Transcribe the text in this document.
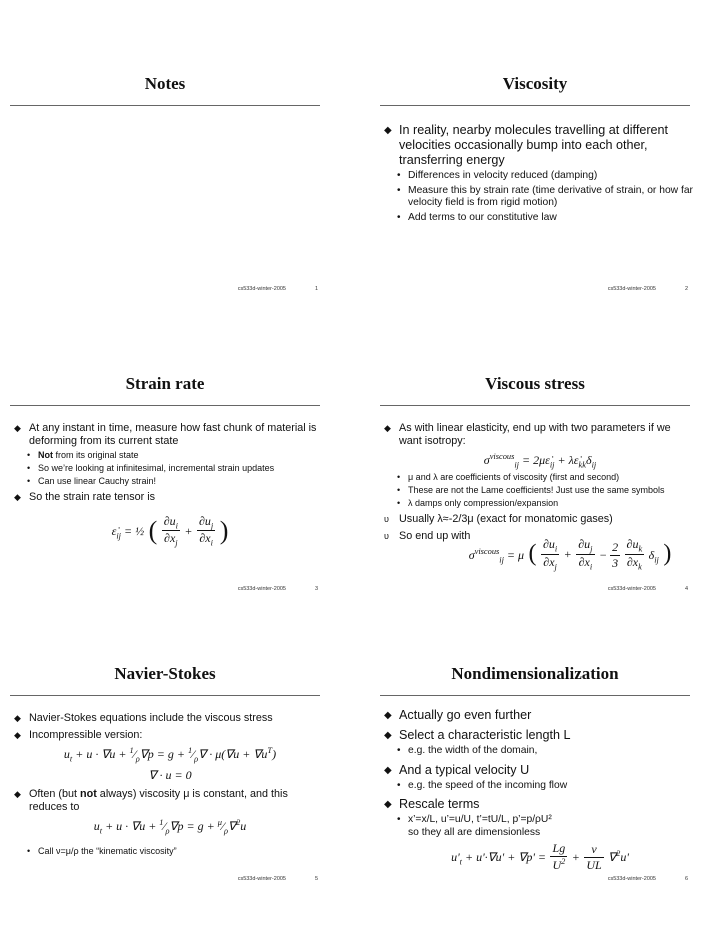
Notes
cs533d-winter-2005	1
Viscosity
◆ In reality, nearby molecules travelling at different velocities occasionally bump into each other, transferring energy
• Differences in velocity reduced (damping)
• Measure this by strain rate (time derivative of strain, or how far velocity field is from rigid motion)
• Add terms to our constitutive law
cs533d-winter-2005	2
Strain rate
◆ At any instant in time, measure how fast chunk of material is deforming from its current state
• Not from its original state
• So we’re looking at infinitesimal, incremental strain updates
• Can use linear Cauchy strain!
◆ So the strain rate tensor is
$\varepsiloṅ_{ij}$ = ½ ( $\frac{\partial u_i}{\partial x_j} + \frac{\partial u_j}{\partial x_i}$ )
cs533d-winter-2005	3
Viscous stress
◆ As with linear elasticity, end up with two parameters if we want isotropy:
$\sigma^{viscous}_{ij}$ = $2\mu\varepsiloṅ_{ij}$ + $\lambda\varepsiloṅ_{kk}\delta_{ij}$
• μ and λ are coefficients of viscosity (first and second)
• These are not the Lame coefficients! Just use the same symbols
• λ damps only compression/expansion
υ Usually λ≈-2/3μ (exact for monatomic gases)
υ So end up with
$\sigma^{viscous}_{ij} = \mu$ ( $\frac{\partial u_i}{\partial x_j} + \frac{\partial u_j}{\partial x_i} - \frac{2}{3}$
$\frac{\partial u_k}{\partial x_k} \delta_{ij}$ )
cs533d-winter-2005	4
Navier-Stokes
◆ Navier-Stokes equations include the viscous stress
◆ Incompressible version:
$u_t + u \cdot \nabla u$ + $^1⁄_\rho\nabla p = g$ + $^1⁄_\rho\nabla \cdot \mu(\nabla u + \nabla u^T)$
∇ · u = 0
◆ Often (but not always) viscosity μ is constant, and this reduces to
$u_t + u \cdot \nabla u$ + $^1⁄_\rho\nabla p = g$ + $^\mu⁄_\rho\nabla^2u$
• Call ν=μ/ρ the “kinematic viscosity”
cs533d-winter-2005	5
Nondimensionalization
◆ Actually go even further
◆ Select a characteristic length L
• e.g. the width of the domain,
◆ And a typical velocity U
• e.g. the speed of the incoming flow
◆ Rescale terms
• x’=x/L, u’=u/U, t’=tU/L, p’=p/ρU²
so they all are dimensionless
$u'_t + u'\cdot\nabla u' + \nabla p' = \frac{Lg}{U^2} + \frac{\nu}{UL} \nabla^2u'$
cs533d-winter-2005	6
